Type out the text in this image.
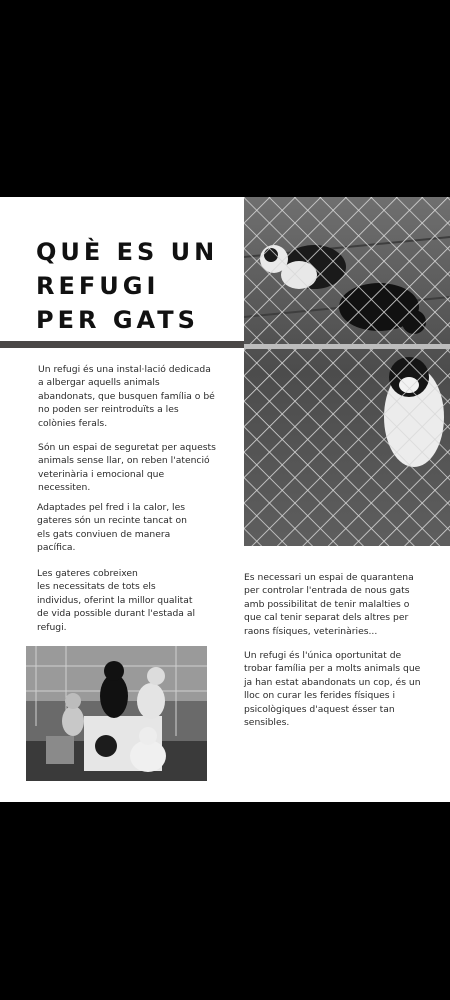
QUÈ ES UN
REFUGI
PER GATS

Un refugi és una instal·lació dedicada
a albergar aquells animals
abandonats, que busquen família o bé
no poden ser reintroduïts a les
colònies ferals.

Són un espai de seguretat per aquests
animals sense llar, on reben l'atenció
veterinària i emocional que
necessiten.

Adaptades pel fred i la calor, les
gateres són un recinte tancat on
els gats conviuen de manera
pacífica.

Les gateres cobreixen
les necessitats de tots els
individus, oferint la millor qualitat
de vida possible durant l'estada al
refugi.

Es necessari un espai de quarantena
per controlar l'entrada de nous gats
amb possibilitat de tenir malalties o
que cal tenir separat dels altres per
raons físiques, veterinàries...

Un refugi és l'única oportunitat de
trobar família per a molts animals que
ja han estat abandonats un cop, és un
lloc on curar les ferides físiques i
psicològiques d'aquest ésser tan
sensibles.
